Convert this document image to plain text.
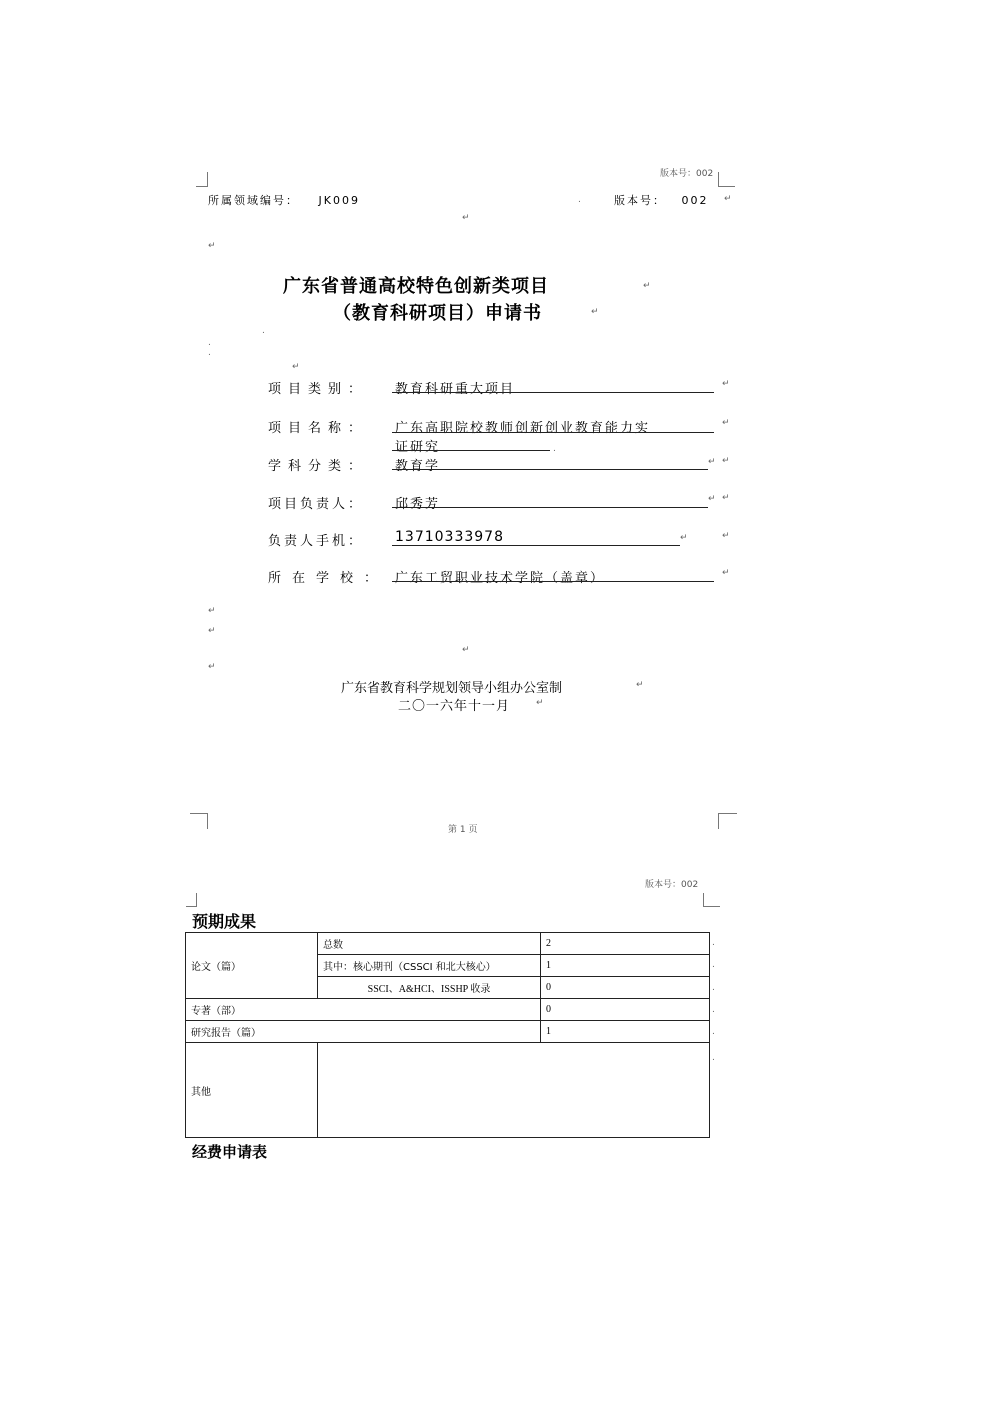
版本号：002
所属领域编号： JK009	版本号： 002 ↵
.
↵
↵
广东省普通高校特色创新类项目
（教育科研项目）申请书
↵
↵
.
.
.
↵
项目类别： 教育科研重大项目	↵
项目名称： 广东高职院校教师创新创业教育能力实
证研究
↵
.
学科分类： 教育学	↵ ↵
项目负责人： 邱秀芳	↵ ↵
负责人手机： 13710333978	↵	↵
所在学校： 广东工贸职业技术学院（盖章）	↵
↵
↵
↵
↵
广东省教育科学规划领导小组办公室制	↵
二〇一六年十一月	↵
第 1 页
版本号：002
预期成果
论文（篇）	总数	2
	其中：核心期刊（CSSCI 和北大核心）	1
	SSCI、A&HCI、ISSHP 收录	0
专著（部）		0
研究报告（篇）		1
其他		
.
.
.
.
.
.
经费申请表
